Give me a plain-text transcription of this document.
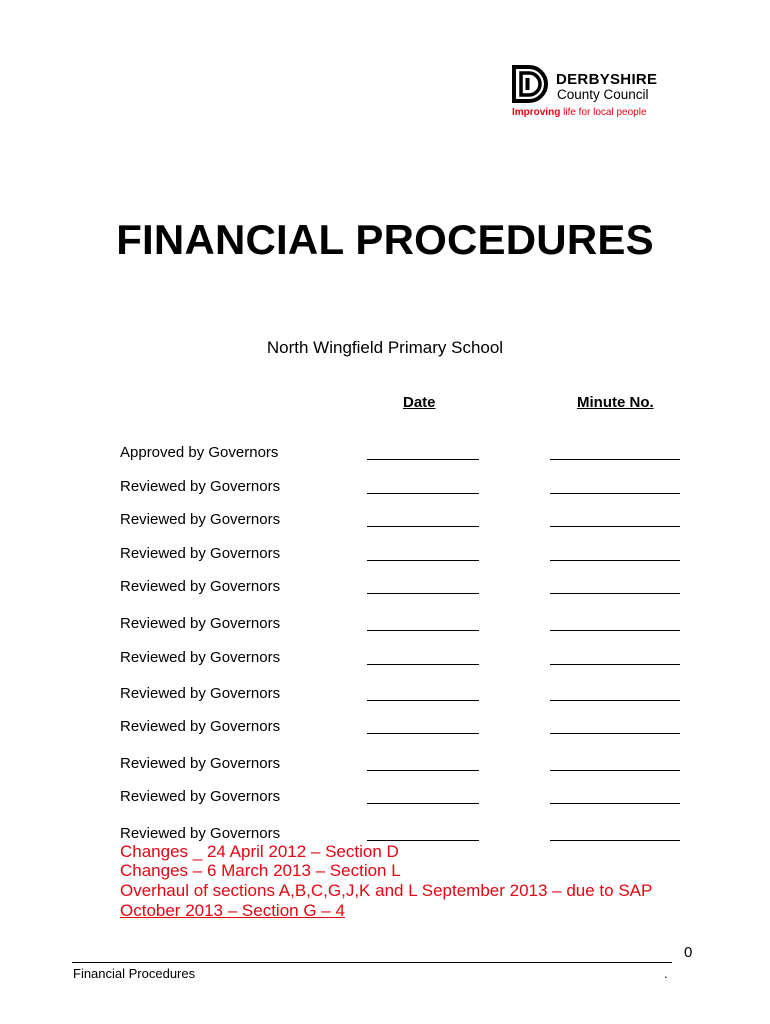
DERBYSHIRE
County Council
Improving life for local people
FINANCIAL PROCEDURES
North Wingfield Primary School
Date	Minute No.
Approved by Governors
Reviewed by Governors
Reviewed by Governors
Reviewed by Governors
Reviewed by Governors
Reviewed by Governors
Reviewed by Governors
Reviewed by Governors
Reviewed by Governors
Reviewed by Governors
Reviewed by Governors
Reviewed by Governors
Changes _ 24 April 2012 – Section D
Changes – 6 March 2013 – Section L
Overhaul of sections A,B,C,G,J,K and L September 2013 – due to SAP
October 2013 – Section G – 4
0
Financial Procedures	.
